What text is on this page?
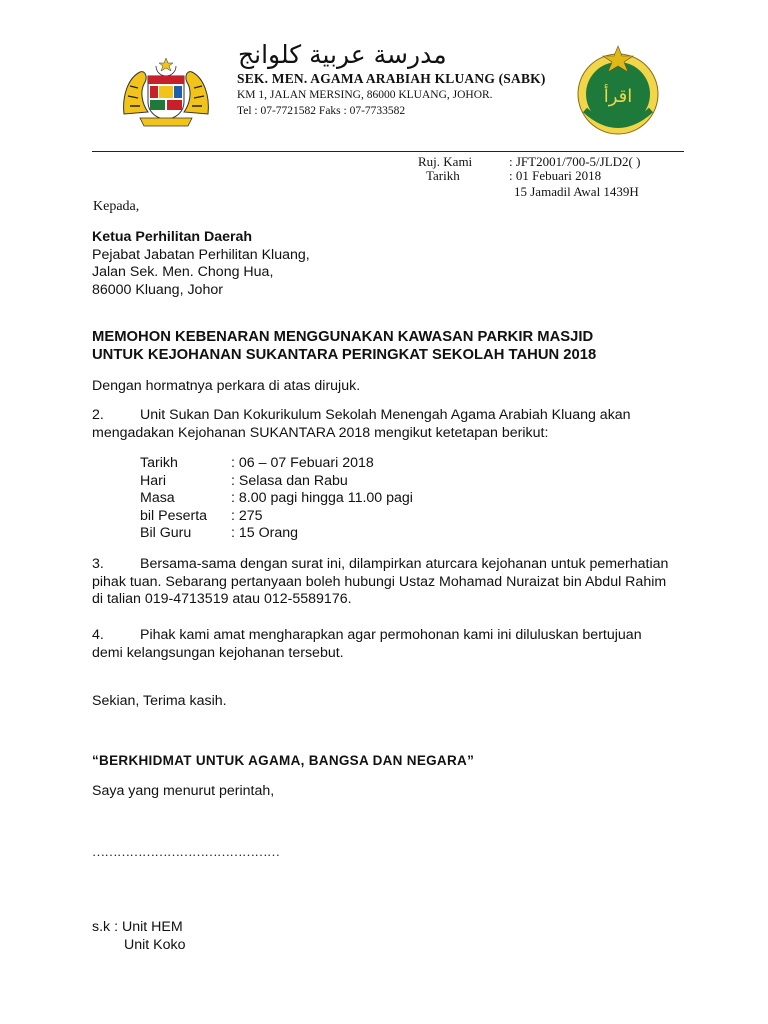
مدرسة عربية كلوانج
SEK. MEN. AGAMA ARABIAH KLUANG (SABK)
KM 1, JALAN MERSING, 86000 KLUANG, JOHOR.
Tel : 07-7721582 Faks : 07-7733582
اقرأ
Ruj. Kami	: JFT2001/700-5/JLD2( )
Tarikh	: 01 Febuari 2018
15 Jamadil Awal 1439H
Kepada,
Ketua Perhilitan Daerah
Pejabat Jabatan Perhilitan Kluang,
Jalan Sek. Men. Chong Hua,
86000 Kluang, Johor
MEMOHON KEBENARAN MENGGUNAKAN KAWASAN PARKIR MASJID
UNTUK KEJOHANAN SUKANTARA PERINGKAT SEKOLAH TAHUN 2018
Dengan hormatnya perkara di atas dirujuk.
2.	Unit Sukan Dan Kokurikulum Sekolah Menengah Agama Arabiah Kluang akan
mengadakan Kejohanan SUKANTARA 2018 mengikut ketetapan berikut:
Tarikh	: 06 – 07 Febuari 2018
Hari	: Selasa dan Rabu
Masa	: 8.00 pagi hingga 11.00 pagi
bil Peserta : 275
Bil Guru	: 15 Orang
3.	Bersama-sama dengan surat ini, dilampirkan aturcara kejohanan untuk pemerhatian
pihak tuan. Sebarang pertanyaan boleh hubungi Ustaz Mohamad Nuraizat bin Abdul Rahim
di talian 019-4713519 atau 012-5589176.
4.	Pihak kami amat mengharapkan agar permohonan kami ini diluluskan bertujuan
demi kelangsungan kejohanan tersebut.
Sekian, Terima kasih.
“BERKHIDMAT UNTUK AGAMA, BANGSA DAN NEGARA”
Saya yang menurut perintah,
………………………………………
s.k : Unit HEM
Unit Koko
